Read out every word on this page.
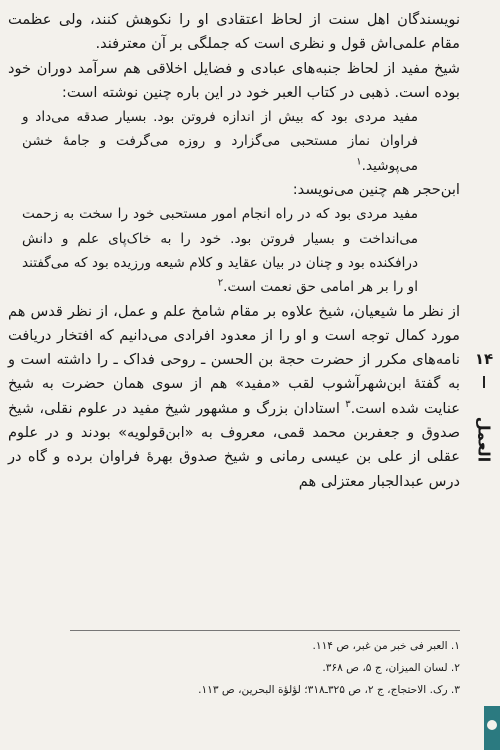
نویسندگان اهل سنت از لحاظ اعتقادی او را نکوهش کنند، ولی عظمت مقام علمی‌اش قول و نظری است که جملگی بر آن معترفند.

شیخ مفید از لحاظ جنبه‌های عبادی و فضایل اخلاقی هم سرآمد دوران خود بوده است. ذهبی در کتاب العبر خود در این باره چنین نوشته است:

مفید مردی بود که بیش از اندازه فروتن بود. بسیار صدقه می‌داد و فراوان نماز مستحبی می‌گزارد و روزه می‌گرفت و جامهٔ خشن می‌پوشید.$^۱$

ابن‌حجر هم چنین می‌نویسد:

مفید مردی بود که در راه انجام امور مستحبی خود را سخت به زحمت می‌انداخت و بسیار فروتن بود. خود را به خاک‌پای علم و دانش درافکنده بود و چنان در بیان عقاید و کلام شیعه ورزیده بود که می‌گفتند او را بر هر امامی حق نعمت است.$^۲$

از نظر ما شیعیان، شیخ علاوه بر مقام شامخ علم و عمل، از نظر قدس هم مورد کمال توجه است و او را از معدود افرادی می‌دانیم که افتخار دریافت نامه‌های مکرر از حضرت حجة بن الحسن ـ روحی فداک ـ را داشته است و به گفتهٔ ابن‌شهرآشوب لقب «مفید» هم از سوی همان حضرت به شیخ عنایت شده است.$^۳$ استادان بزرگ و مشهور شیخ مفید در علوم نقلی، شیخ صدوق و جعفربن محمد قمی، معروف به «ابن‌قولویه» بودند و در علوم عقلی از علی بن عیسی رمانی و شیخ صدوق بهرهٔ فراوان برده و گاه در درس عبدالجبار معتزلی هم

۱. العبر فی خبر من غبر، ص ۱۱۴.
۲. لسان المیزان، ج ۵، ص ۳۶۸.
۳. رک. الاحتجاج، ج ۲، ص ۳۲۵ـ۳۱۸؛ لؤلؤة البحرین، ص ۱۱۳.
۱۴
العمل
